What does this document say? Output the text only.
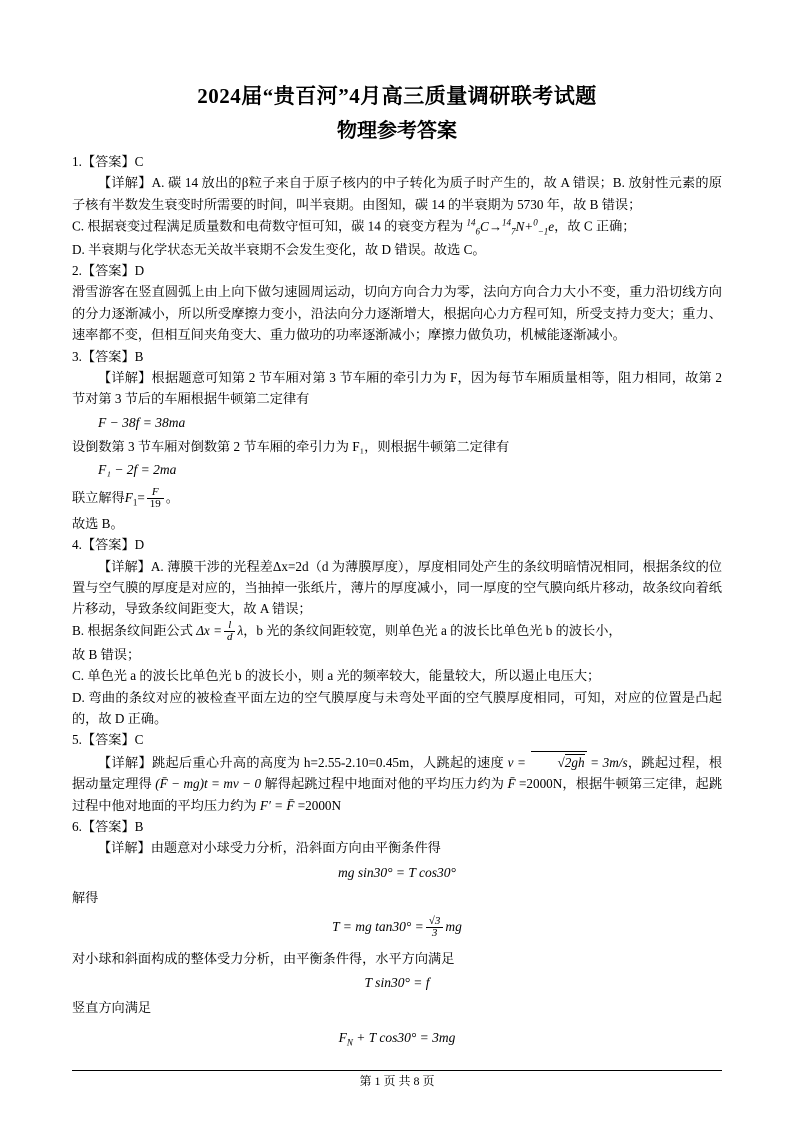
2024届“贵百河”4月高三质量调研联考试题
物理参考答案
1.【答案】C
【详解】A. 碳 14 放出的β粒子来自于原子核内的中子转化为质子时产生的，故 A 错误；B. 放射性元素的原子核有半数发生衰变时所需要的时间，叫半衰期。由图知，碳 14 的半衰期为 5730 年，故 B 错误；
C. 根据衰变过程满足质量数和电荷数守恒可知，碳 14 的衰变方程为 $^{14}_6$C→$^{14}_7$N+$^0_{-1}$e，故 C 正确；
D. 半衰期与化学状态无关故半衰期不会发生变化，故 D 错误。故选 C。
2.【答案】D
滑雪游客在竖直圆弧上由上向下做匀速圆周运动，切向方向合力为零，法向方向合力大小不变，重力沿切线方向的分力逐渐减小，所以所受摩擦力变小，沿法向分力逐渐增大，根据向心力方程可知，所受支持力变大；重力、速率都不变，但相互间夹角变大、重力做功的功率逐渐减小；摩擦力做负功，机械能逐渐减小。
3.【答案】B
【详解】根据题意可知第 2 节车厢对第 3 节车厢的牵引力为 F，因为每节车厢质量相等，阻力相同，故第 2 节对第 3 节后的车厢根据牛顿第二定律有
F − 38f = 38ma
设倒数第 3 节车厢对倒数第 2 节车厢的牵引力为 F₁，则根据牛顿第二定律有
F₁ − 2f = 2ma
联立解得$F_1= \frac{F}{19}$ 。
故选 B。
4.【答案】D
【详解】A. 薄膜干涉的光程差Δx=2d（d 为薄膜厚度），厚度相同处产生的条纹明暗情况相同，根据条纹的位置与空气膜的厚度是对应的，当抽掉一张纸片，薄片的厚度减小，同一厚度的空气膜向纸片移动，故条纹向着纸片移动，导致条纹间距变大，故 A 错误；
B. 根据条纹间距公式 $\Delta x = \frac{l}{d}$ λ，b 光的条纹间距较宽，则单色光 a 的波长比单色光 b 的波长小，
故 B 错误；
C. 单色光 a 的波长比单色光 b 的波长小，则 a 光的频率较大，能量较大，所以遏止电压大；
D. 弯曲的条纹对应的被检查平面左边的空气膜厚度与未弯处平面的空气膜厚度相同，可知，对应的位置是凸起的，故 D 正确。
5.【答案】C
【详解】跳起后重心升高的高度为 h=2.55-2.10=0.45m，人跳起的速度 v = √2gh = 3m/s，跳起过程，根据动量定理得 (F̄ − mg)t = mv − 0 解得起跳过程中地面对他的平均压力约为 F̄ =2000N，根据牛顿第三定律，起跳过程中他对地面的平均压力约为 F′ = F̄ =2000N
6.【答案】B
【详解】由题意对小球受力分析，沿斜面方向由平衡条件得
mg sin30° = T cos30°
解得
T = mg $\tan 30^\circ = \frac{√3}{3}$ mg
对小球和斜面构成的整体受力分析，由平衡条件得，水平方向满足
T sin30° = f
竖直方向满足
$F_N + T$ cos30° = 3mg
第 1 页 共 8 页
